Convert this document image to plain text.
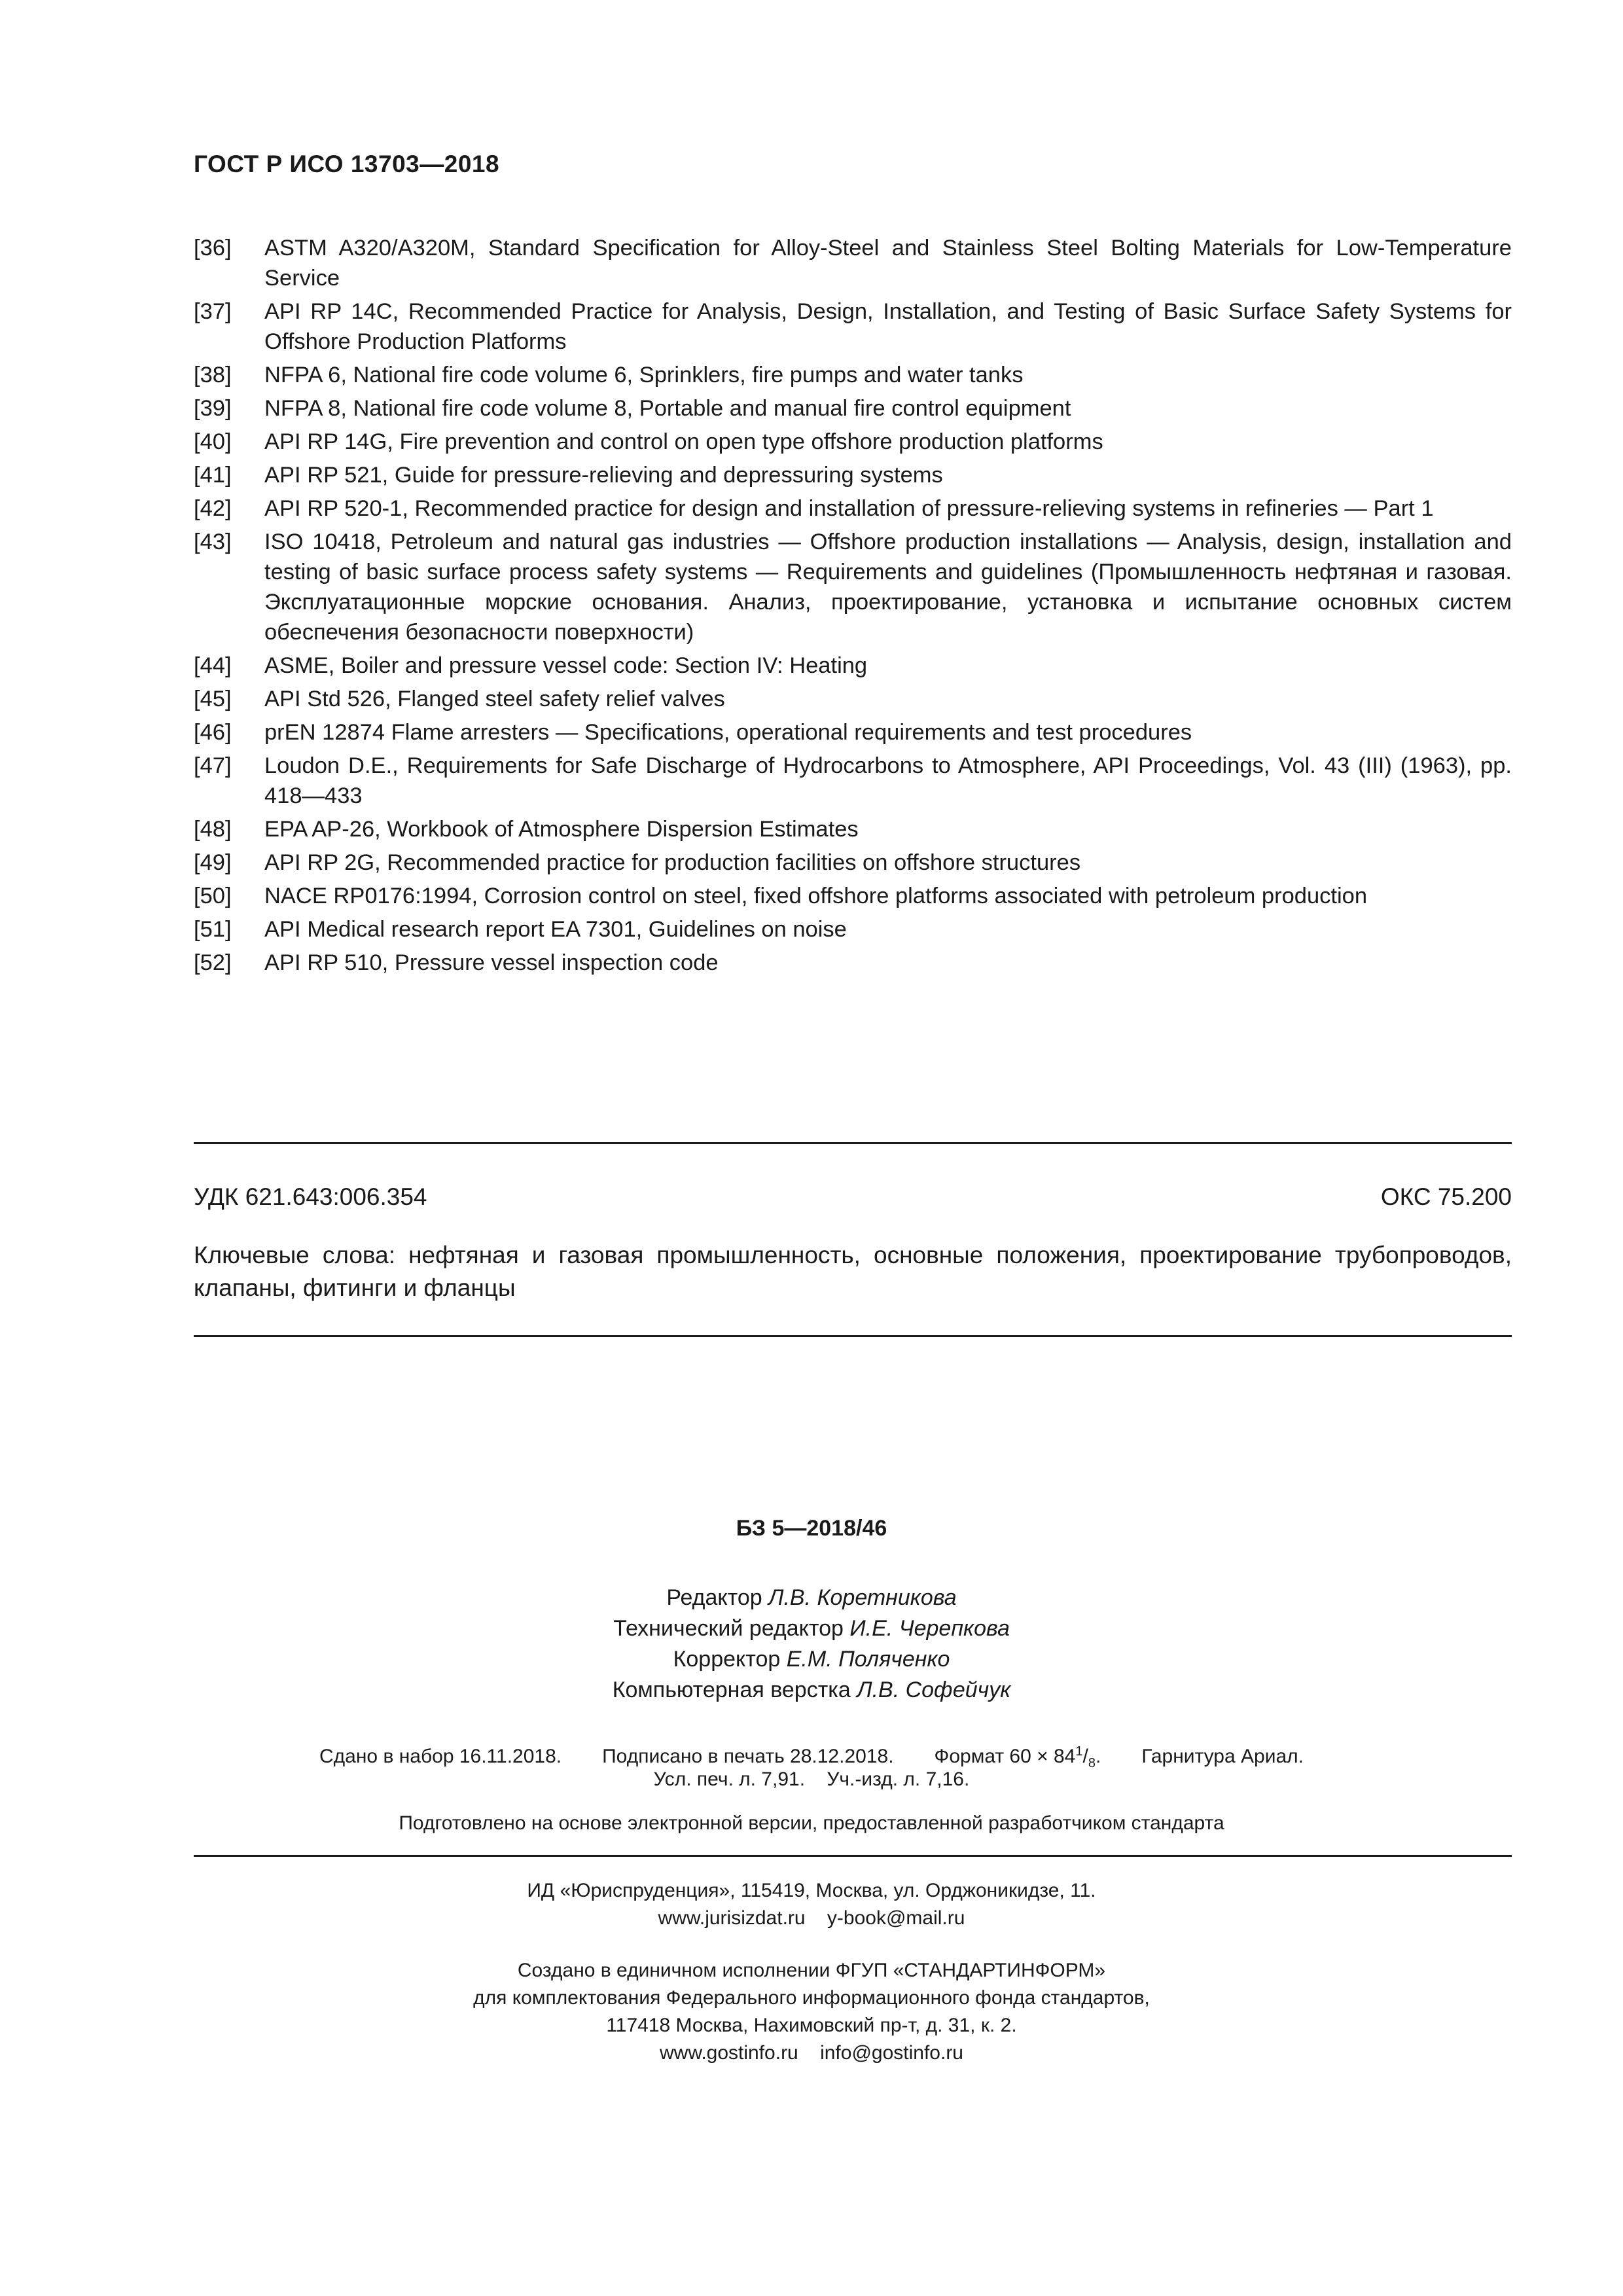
ГОСТ Р ИСО 13703—2018
[36]	ASTM A320/A320M, Standard Specification for Alloy-Steel and Stainless Steel Bolting Materials for Low-Temperature Service
[37]	API RP 14C, Recommended Practice for Analysis, Design, Installation, and Testing of Basic Surface Safety Systems for Offshore Production Platforms
[38]	NFPA 6, National fire code volume 6, Sprinklers, fire pumps and water tanks
[39]	NFPA 8, National fire code volume 8, Portable and manual fire control equipment
[40]	API RP 14G, Fire prevention and control on open type offshore production platforms
[41]	API RP 521, Guide for pressure-relieving and depressuring systems
[42]	API RP 520-1, Recommended practice for design and installation of pressure-relieving systems in refineries — Part 1
[43]	ISO 10418, Petroleum and natural gas industries — Offshore production installations — Analysis, design, installation and testing of basic surface process safety systems — Requirements and guidelines (Промышленность нефтяная и газовая. Эксплуатационные морские основания. Анализ, проектирование, установка и испытание основных систем обеспечения безопасности поверхности)
[44]	ASME, Boiler and pressure vessel code: Section IV: Heating
[45]	API Std 526, Flanged steel safety relief valves
[46]	prEN 12874 Flame arresters — Specifications, operational requirements and test procedures
[47]	Loudon D.E., Requirements for Safe Discharge of Hydrocarbons to Atmosphere, API Proceedings, Vol. 43 (III) (1963), pp. 418—433
[48]	EPA AP-26, Workbook of Atmosphere Dispersion Estimates
[49]	API RP 2G, Recommended practice for production facilities on offshore structures
[50]	NACE RP0176:1994, Corrosion control on steel, fixed offshore platforms associated with petroleum production
[51]	API Medical research report EA 7301, Guidelines on noise
[52]	API RP 510, Pressure vessel inspection code
УДК 621.643:006.354	ОКС 75.200
Ключевые слова: нефтяная и газовая промышленность, основные положения, проектирование трубопроводов, клапаны, фитинги и фланцы
БЗ 5—2018/46
Редактор Л.В. Коретникова
Технический редактор И.Е. Черепкова
Корректор Е.М. Поляченко
Компьютерная верстка Л.В. Софейчук
Сдано в набор 16.11.2018. Подписано в печать 28.12.2018. Формат $60 \times 84^1/_8$. Гарнитура Ариал.
Усл. печ. л. 7,91.    Уч.-изд. л. 7,16.
Подготовлено на основе электронной версии, предоставленной разработчиком стандарта
ИД «Юриспруденция», 115419, Москва, ул. Орджоникидзе, 11.
www.jurisizdat.ru    y-book@mail.ru
Создано в единичном исполнении ФГУП «СТАНДАРТИНФОРМ»
для комплектования Федерального информационного фонда стандартов,
117418 Москва, Нахимовский пр-т, д. 31, к. 2.
www.gostinfo.ru    info@gostinfo.ru
